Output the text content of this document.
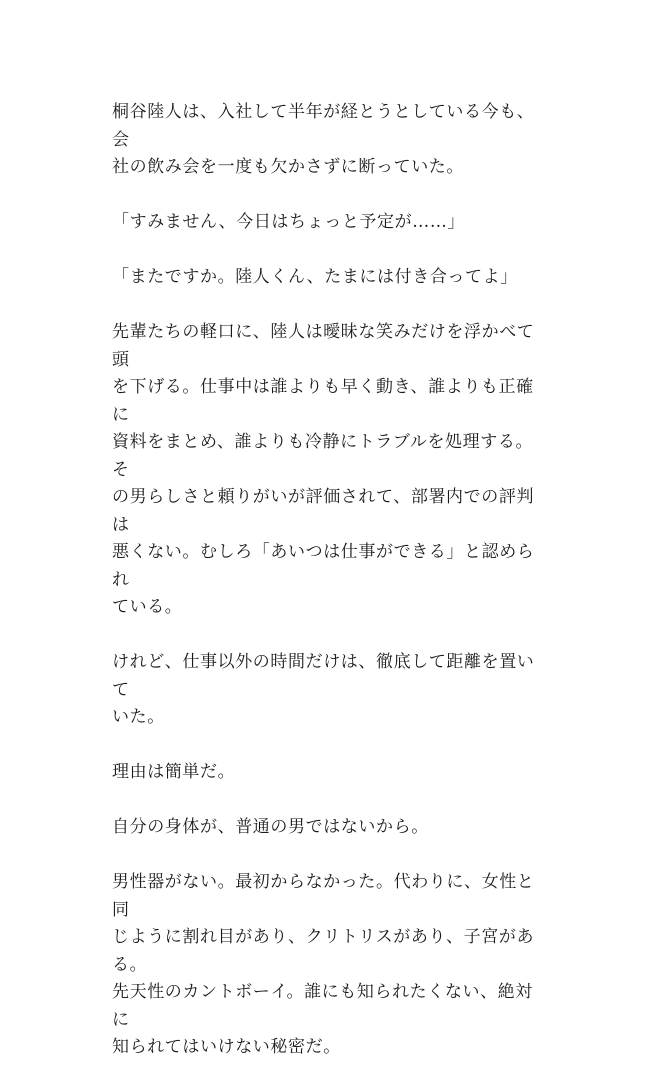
桐谷陸人は、入社して半年が経とうとしている今も、会
社の飲み会を一度も欠かさずに断っていた。

「すみません、今日はちょっと予定が……」

「またですか。陸人くん、たまには付き合ってよ」

先輩たちの軽口に、陸人は曖昧な笑みだけを浮かべて頭
を下げる。仕事中は誰よりも早く動き、誰よりも正確に
資料をまとめ、誰よりも冷静にトラブルを処理する。そ
の男らしさと頼りがいが評価されて、部署内での評判は
悪くない。むしろ「あいつは仕事ができる」と認められ
ている。

けれど、仕事以外の時間だけは、徹底して距離を置いて
いた。

理由は簡単だ。

自分の身体が、普通の男ではないから。

男性器がない。最初からなかった。代わりに、女性と同
じように割れ目があり、クリトリスがあり、子宮がある。
先天性のカントボーイ。誰にも知られたくない、絶対に
知られてはいけない秘密だ。
